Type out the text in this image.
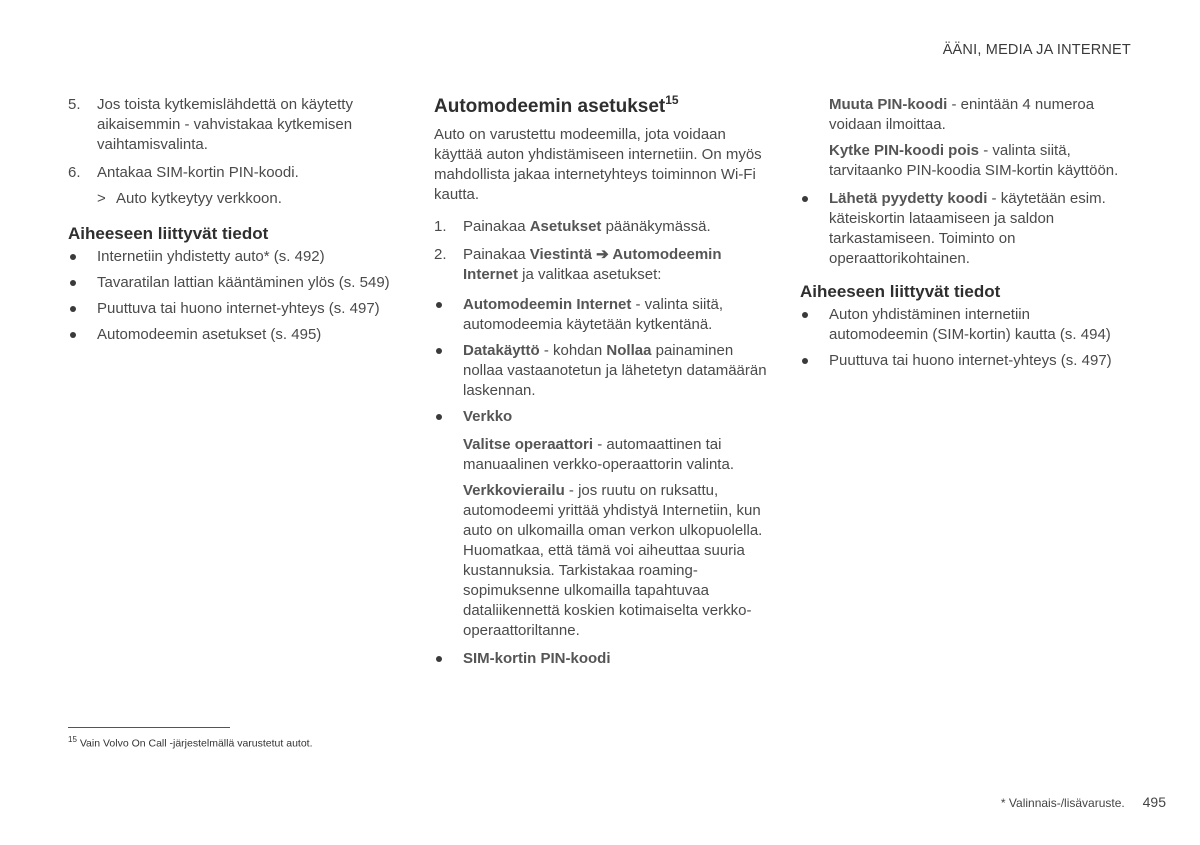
ÄÄNI, MEDIA JA INTERNET
5. Jos toista kytkemislähdettä on käytetty aikaisemmin - vahvistakaa kytkemisen vaihtamisvalinta.
6. Antakaa SIM-kortin PIN-koodi.
> Auto kytkeytyy verkkoon.
Aiheeseen liittyvät tiedot
Internetiin yhdistetty auto* (s. 492)
Tavaratilan lattian kääntäminen ylös (s. 549)
Puuttuva tai huono internet-yhteys (s. 497)
Automodeemin asetukset (s. 495)
Automodeemin asetukset$^{15}$
Auto on varustettu modeemilla, jota voidaan käyttää auton yhdistämiseen internetiin. On myös mahdollista jakaa internetyhteys toiminnon Wi-Fi kautta.
1. Painakaa Asetukset päänäkymässä.
2. Painakaa Viestintä ➔ Automodeemin Internet ja valitkaa asetukset:
Automodeemin Internet - valinta siitä, automodeemia käytetään kytkentänä.
Datakäyttö - kohdan Nollaa painaminen nollaa vastaanotetun ja lähetetyn datamäärän laskennan.
Verkko
Valitse operaattori - automaattinen tai manuaalinen verkko-operaattorin valinta.
Verkkovierailu - jos ruutu on ruksattu, automodeemi yrittää yhdistyä Internetiin, kun auto on ulkomailla oman verkon ulkopuolella. Huomatkaa, että tämä voi aiheuttaa suuria kustannuksia. Tarkistakaa roaming-sopimuksenne ulkomailla tapahtuvaa dataliikennettä koskien kotimaiselta verkko-operaattoriltanne.
SIM-kortin PIN-koodi
Muuta PIN-koodi - enintään 4 numeroa voidaan ilmoittaa.
Kytke PIN-koodi pois - valinta siitä, tarvitaanko PIN-koodia SIM-kortin käyttöön.
Lähetä pyydetty koodi - käytetään esim. käteiskortin lataamiseen ja saldon tarkastamiseen. Toiminto on operaattorikohtainen.
Aiheeseen liittyvät tiedot
Auton yhdistäminen internetiin automodeemin (SIM-kortin) kautta (s. 494)
Puuttuva tai huono internet-yhteys (s. 497)
$^{15}$ Vain Volvo On Call -järjestelmällä varustetut autot.
* Valinnais-/lisävaruste. 495
